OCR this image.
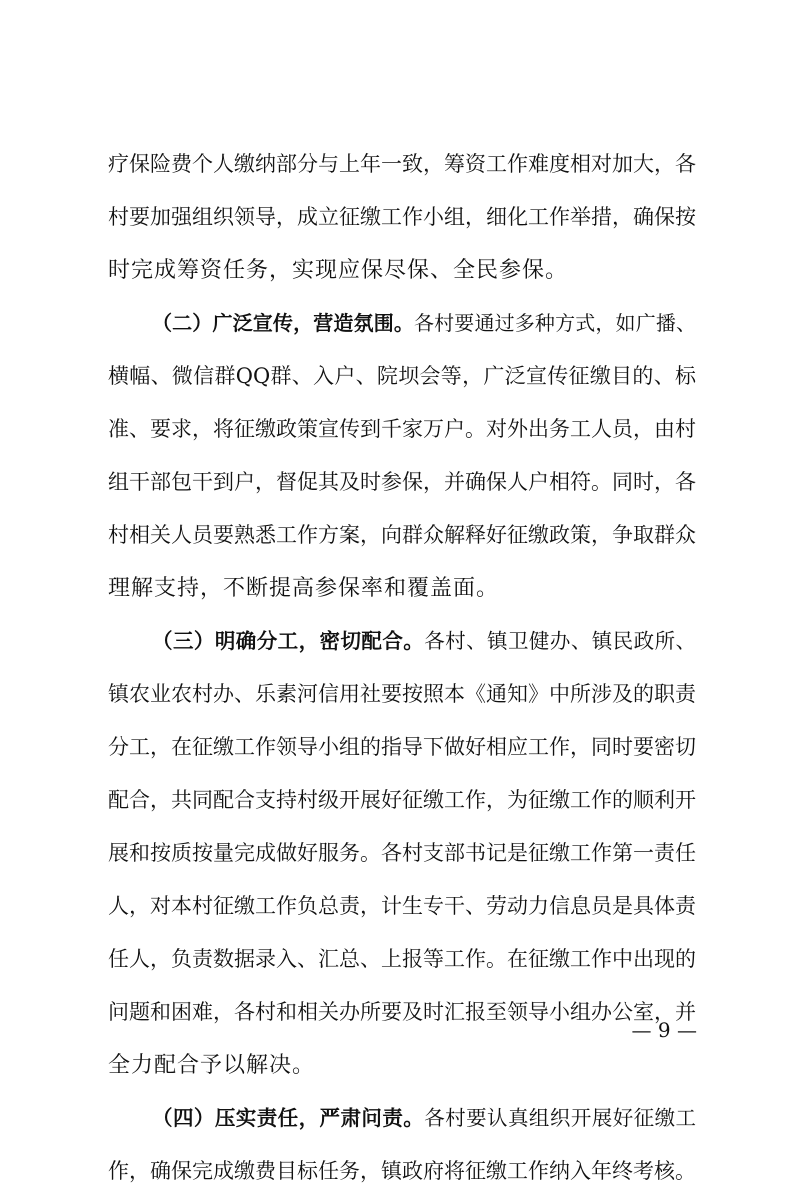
疗保险费个人缴纳部分与上年一致，筹资工作难度相对加大，各
村要加强组织领导，成立征缴工作小组，细化工作举措，确保按
时完成筹资任务，实现应保尽保、全民参保。
（二）广泛宣传，营造氛围。各村要通过多种方式，如广播、
横幅、微信群QQ群、入户、院坝会等，广泛宣传征缴目的、标
准、要求，将征缴政策宣传到千家万户。对外出务工人员，由村
组干部包干到户，督促其及时参保，并确保人户相符。同时，各
村相关人员要熟悉工作方案，向群众解释好征缴政策，争取群众
理解支持，不断提高参保率和覆盖面。
（三）明确分工，密切配合。各村、镇卫健办、镇民政所、
镇农业农村办、乐素河信用社要按照本《通知》中所涉及的职责
分工，在征缴工作领导小组的指导下做好相应工作，同时要密切
配合，共同配合支持村级开展好征缴工作，为征缴工作的顺利开
展和按质按量完成做好服务。各村支部书记是征缴工作第一责任
人，对本村征缴工作负总责，计生专干、劳动力信息员是具体责
任人，负责数据录入、汇总、上报等工作。在征缴工作中出现的
问题和困难，各村和相关办所要及时汇报至领导小组办公室，并
全力配合予以解决。
（四）压实责任，严肃问责。各村要认真组织开展好征缴工
作，确保完成缴费目标任务，镇政府将征缴工作纳入年终考核。
— 9 —
